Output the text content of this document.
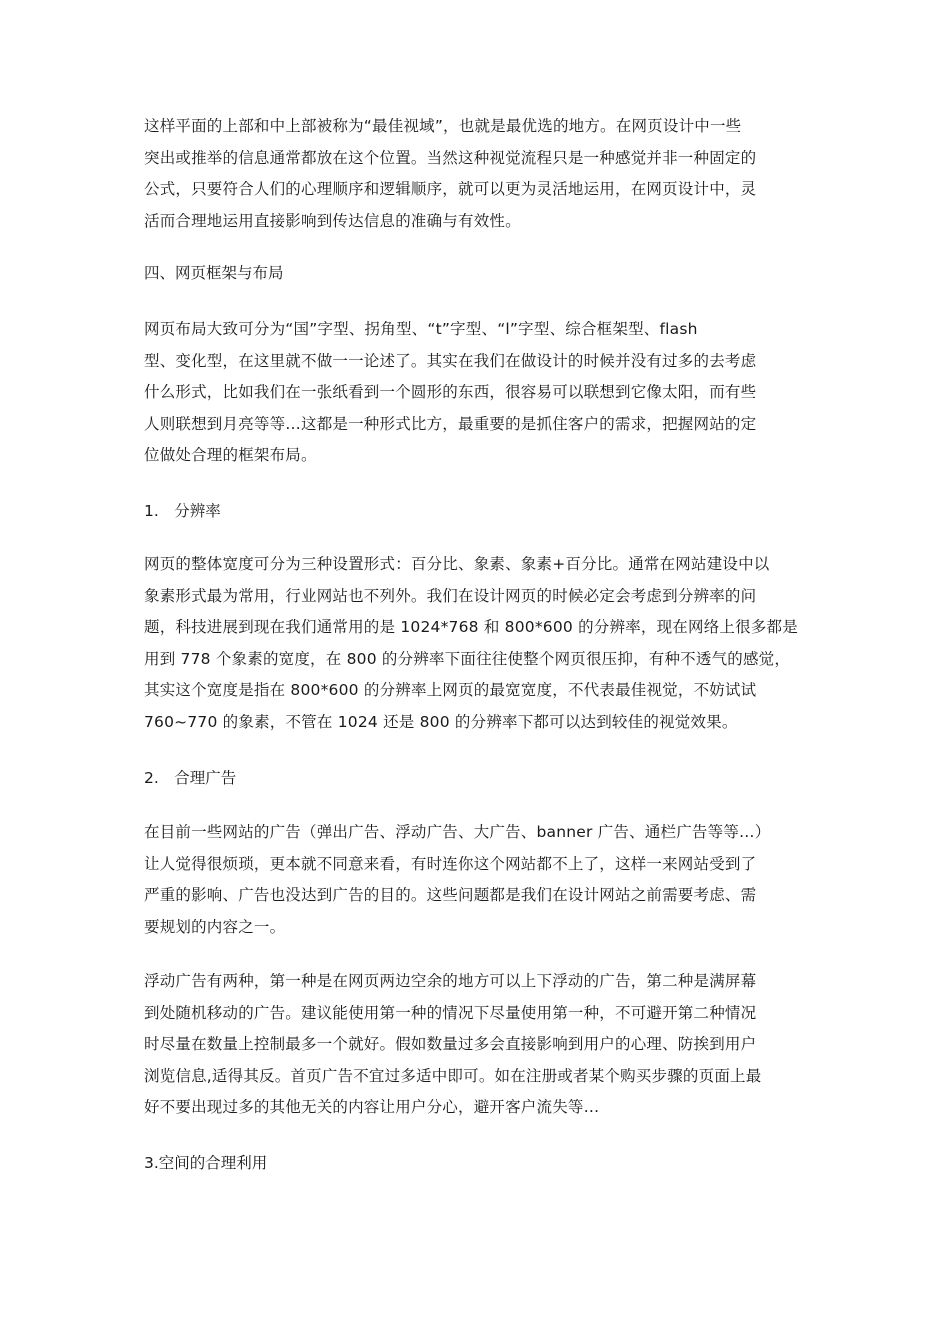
这样平面的上部和中上部被称为“最佳视域”，也就是最优选的地方。在网页设计中一些
突出或推举的信息通常都放在这个位置。当然这种视觉流程只是一种感觉并非一种固定的
公式，只要符合人们的心理顺序和逻辑顺序，就可以更为灵活地运用，在网页设计中，灵
活而合理地运用直接影响到传达信息的准确与有效性。
四、网页框架与布局
网页布局大致可分为“国”字型、拐角型、“t”字型、“l”字型、综合框架型、flash
型、变化型，在这里就不做一一论述了。其实在我们在做设计的时候并没有过多的去考虑
什么形式，比如我们在一张纸看到一个圆形的东西，很容易可以联想到它像太阳，而有些
人则联想到月亮等等…这都是一种形式比方，最重要的是抓住客户的需求，把握网站的定
位做处合理的框架布局。
1.　分辨率
网页的整体宽度可分为三种设置形式：百分比、象素、象素+百分比。通常在网站建设中以
象素形式最为常用，行业网站也不列外。我们在设计网页的时候必定会考虑到分辨率的问
题，科技进展到现在我们通常用的是 1024*768 和 800*600 的分辨率，现在网络上很多都是
用到 778 个象素的宽度，在 800 的分辨率下面往往使整个网页很压抑，有种不透气的感觉，
其实这个宽度是指在 800*600 的分辨率上网页的最宽宽度，不代表最佳视觉，不妨试试
760~770 的象素，不管在 1024 还是 800 的分辨率下都可以达到较佳的视觉效果。
2.　合理广告
在目前一些网站的广告（弹出广告、浮动广告、大广告、banner 广告、通栏广告等等…）
让人觉得很烦琐，更本就不同意来看，有时连你这个网站都不上了，这样一来网站受到了
严重的影响、广告也没达到广告的目的。这些问题都是我们在设计网站之前需要考虑、需
要规划的内容之一。
浮动广告有两种，第一种是在网页两边空余的地方可以上下浮动的广告，第二种是满屏幕
到处随机移动的广告。建议能使用第一种的情况下尽量使用第一种，不可避开第二种情况
时尽量在数量上控制最多一个就好。假如数量过多会直接影响到用户的心理、防挨到用户
浏览信息,适得其反。首页广告不宜过多适中即可。如在注册或者某个购买步骤的页面上最
好不要出现过多的其他无关的内容让用户分心，避开客户流失等…
3.空间的合理利用
